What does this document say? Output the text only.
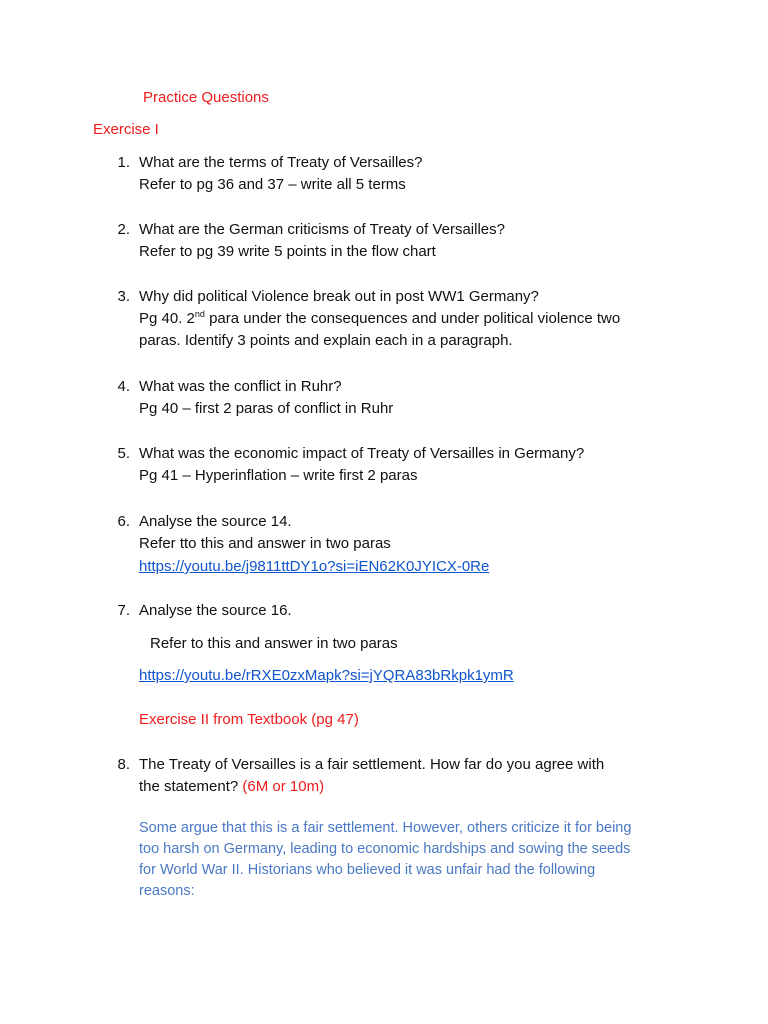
Practice Questions
Exercise I
1. What are the terms of Treaty of Versailles?
Refer to pg 36 and 37 – write all 5 terms
2. What are the German criticisms of Treaty of Versailles?
Refer to pg 39 write 5 points in the flow chart
3. Why did political Violence break out in post WW1 Germany?
Pg 40. 2nd para under the consequences and under political violence two
paras. Identify 3 points and explain each in a paragraph.
4. What was the conflict in Ruhr?
Pg 40 – first 2 paras of conflict in Ruhr
5. What was the economic impact of Treaty of Versailles in Germany?
Pg 41 – Hyperinflation – write first 2 paras
6. Analyse the source 14.
Refer tto this and answer in two paras
https://youtu.be/j9811ttDY1o?si=iEN62K0JYICX-0Re
7. Analyse the source 16.
Refer to this and answer in two paras
https://youtu.be/rRXE0zxMapk?si=jYQRA83bRkpk1ymR
Exercise II from Textbook (pg 47)
8. The Treaty of Versailles is a fair settlement. How far do you agree with
the statement? (6M or 10m)
Some argue that this is a fair settlement. However, others criticize it for being
too harsh on Germany, leading to economic hardships and sowing the seeds
for World War II. Historians who believed it was unfair had the following
reasons:
